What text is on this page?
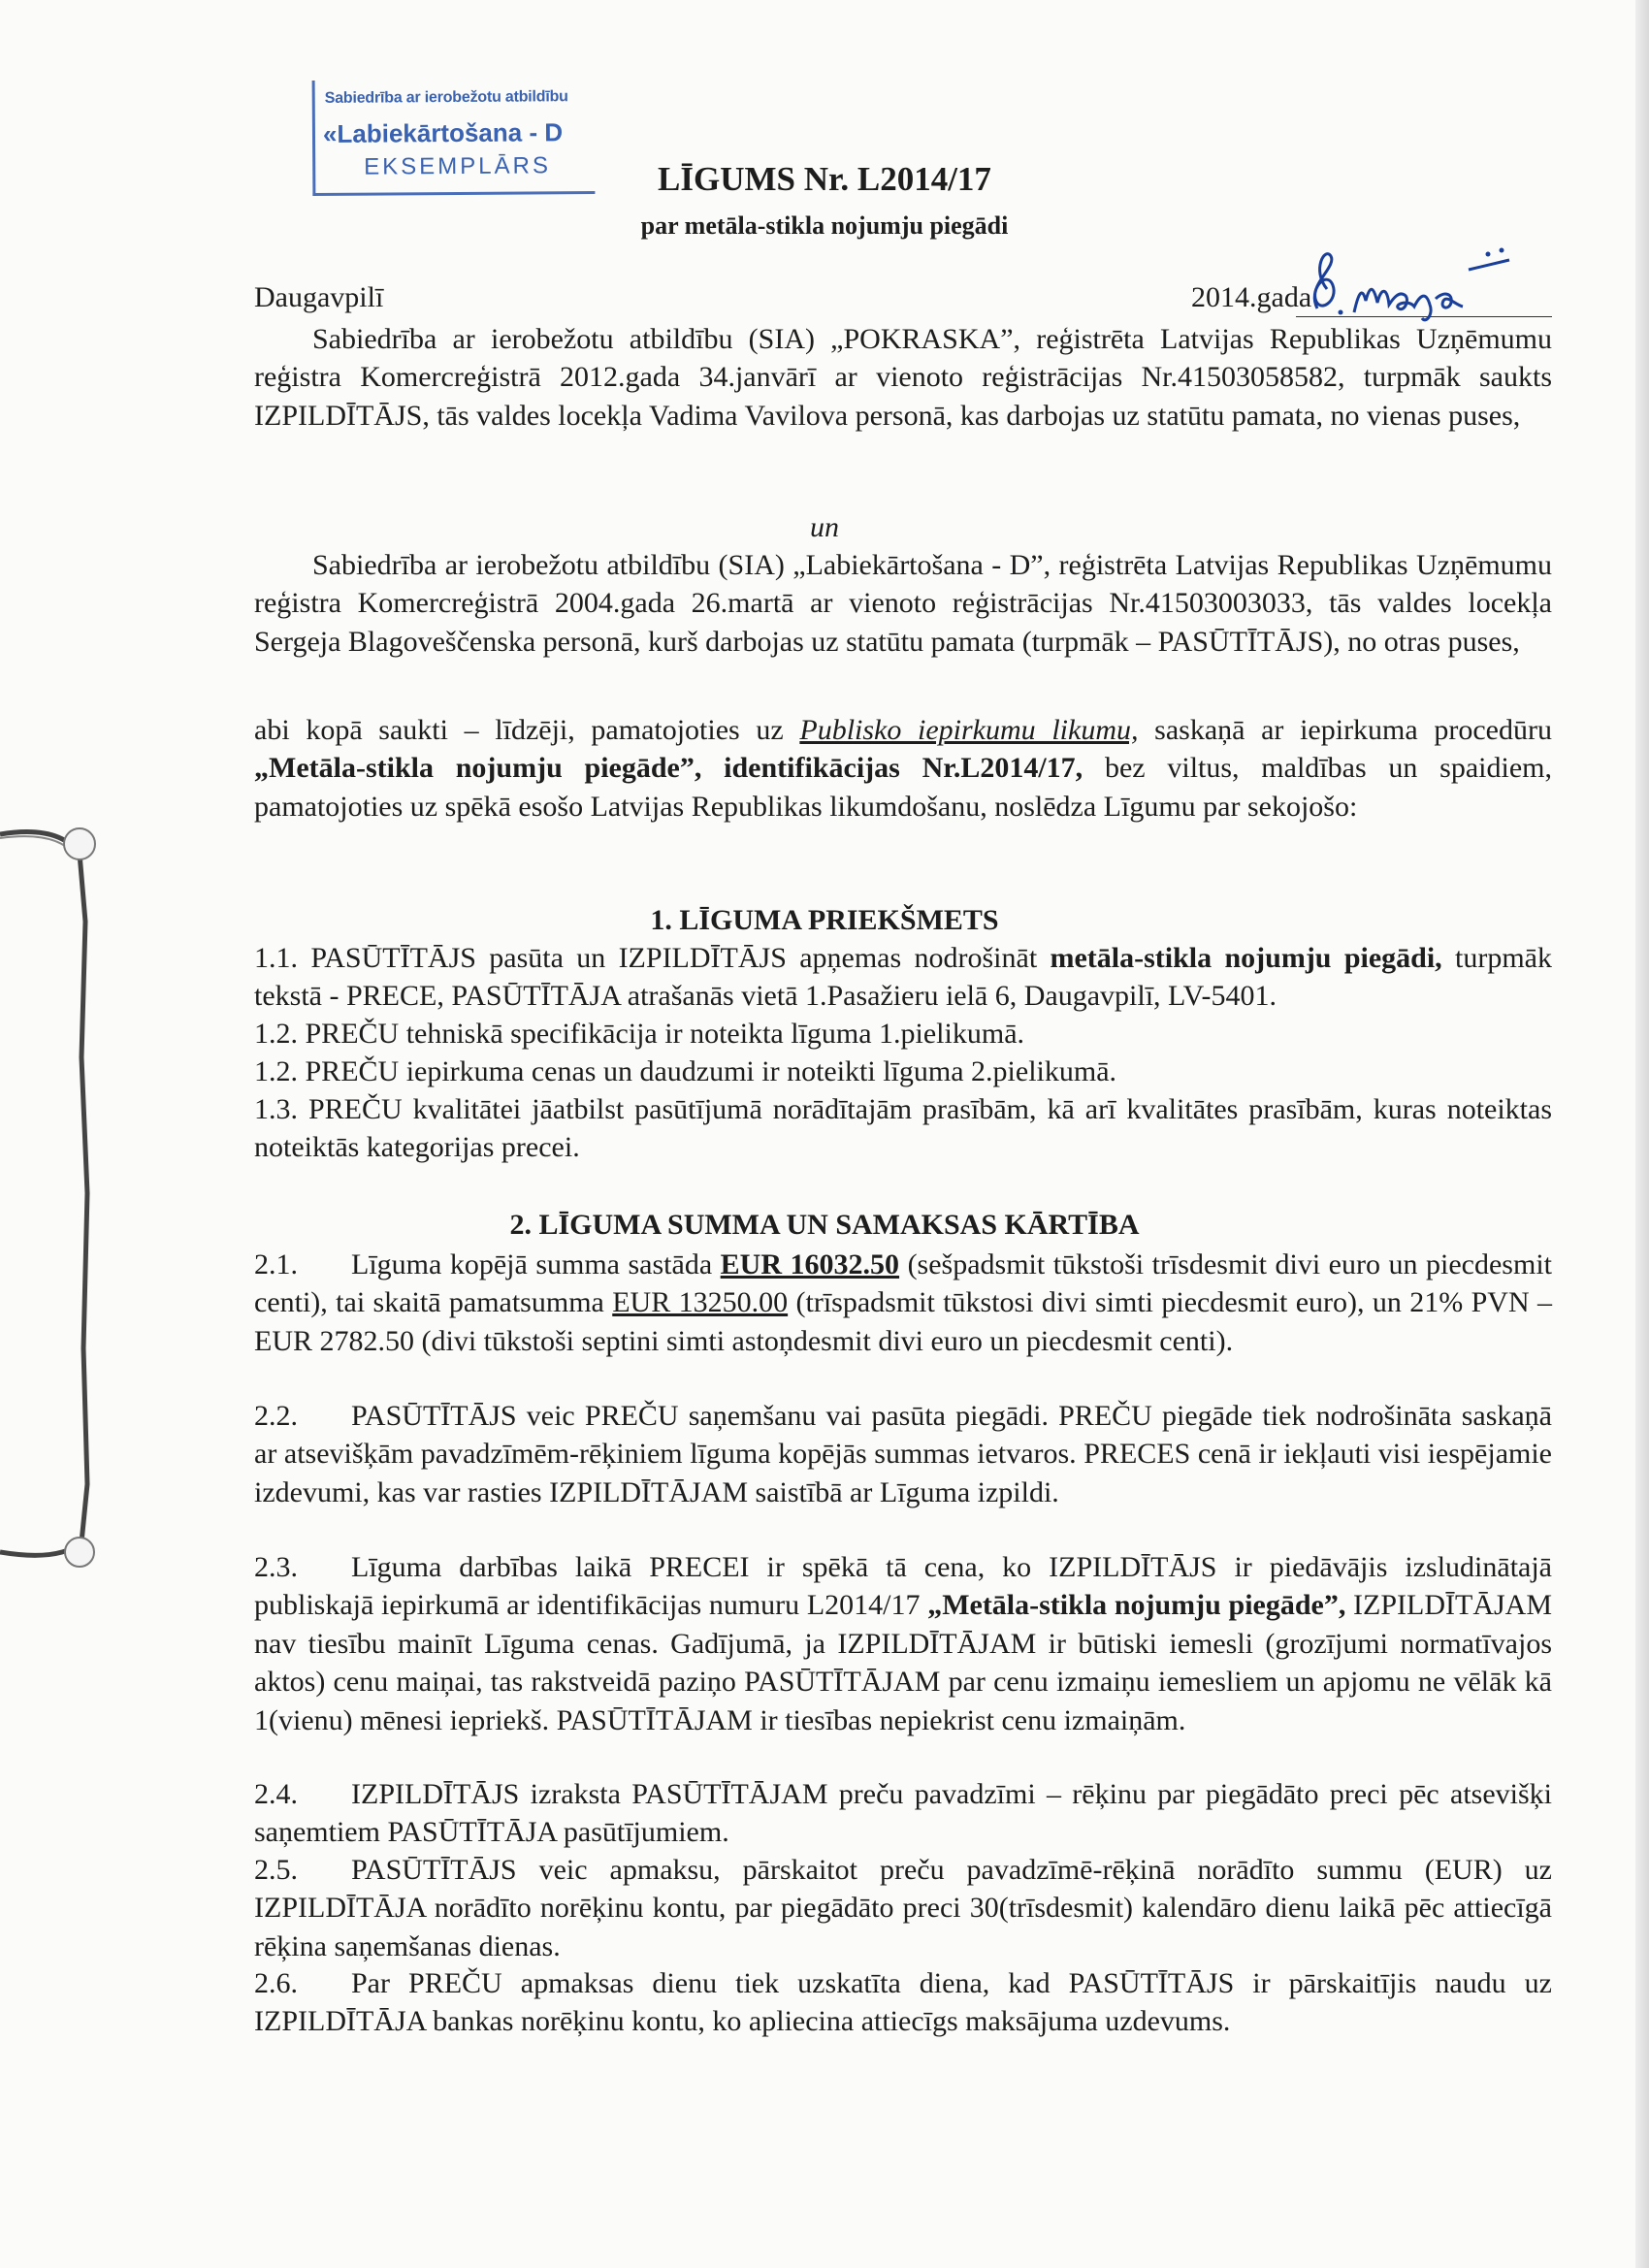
Sabiedrība ar ierobežotu atbildību
«Labiekārtošana - D
EKSEMPLĀRS	LĪGUMS Nr. L2014/17
par metāla-stikla nojumju piegādi
Daugavpilī	2014.gada
Sabiedrība ar ierobežotu atbildību (SIA) „POKRASKA”, reģistrēta Latvijas Republikas Uzņēmumu reģistra Komercreģistrā 2012.gada 34.janvārī ar vienoto reģistrācijas Nr.41503058582, turpmāk saukts IZPILDĪTĀJS, tās valdes locekļa Vadima Vavilova personā, kas darbojas uz statūtu pamata, no vienas puses,
un
Sabiedrība ar ierobežotu atbildību (SIA) „Labiekārtošana - D”, reģistrēta Latvijas Republikas Uzņēmumu reģistra Komercreģistrā 2004.gada 26.martā ar vienoto reģistrācijas Nr.41503003033, tās valdes locekļa Sergeja Blagoveščenska personā, kurš darbojas uz statūtu pamata (turpmāk – PASŪTĪTĀJS), no otras puses,
abi kopā saukti – līdzēji, pamatojoties uz Publisko iepirkumu likumu, saskaņā ar iepirkuma procedūru „Metāla-stikla nojumju piegāde”, identifikācijas Nr.L2014/17, bez viltus, maldības un spaidiem, pamatojoties uz spēkā esošo Latvijas Republikas likumdošanu, noslēdza Līgumu par sekojošo:
1. LĪGUMA PRIEKŠMETS
1.1. PASŪTĪTĀJS pasūta un IZPILDĪTĀJS apņemas nodrošināt metāla-stikla nojumju piegādi, turpmāk tekstā - PRECE, PASŪTĪTĀJA atrašanās vietā 1.Pasažieru ielā 6, Daugavpilī, LV-5401.
1.2. PREČU tehniskā specifikācija ir noteikta līguma 1.pielikumā.
1.2. PREČU iepirkuma cenas un daudzumi ir noteikti līguma 2.pielikumā.
1.3. PREČU kvalitātei jāatbilst pasūtījumā norādītajām prasībām, kā arī kvalitātes prasībām, kuras noteiktas noteiktās kategorijas precei.
2. LĪGUMA SUMMA UN SAMAKSAS KĀRTĪBA
2.1. Līguma kopējā summa sastāda EUR 16032.50 (sešpadsmit tūkstoši trīsdesmit divi euro un piecdesmit centi), tai skaitā pamatsumma EUR 13250.00 (trīspadsmit tūkstosi divi simti piecdesmit euro), un 21% PVN – EUR 2782.50 (divi tūkstoši septini simti astoņdesmit divi euro un piecdesmit centi).
2.2. PASŪTĪTĀJS veic PREČU saņemšanu vai pasūta piegādi. PREČU piegāde tiek nodrošināta saskaņā ar atsevišķām pavadzīmēm-rēķiniem līguma kopējās summas ietvaros. PRECES cenā ir iekļauti visi iespējamie izdevumi, kas var rasties IZPILDĪTĀJAM saistībā ar Līguma izpildi.
2.3. Līguma darbības laikā PRECEI ir spēkā tā cena, ko IZPILDĪTĀJS ir piedāvājis izsludinātajā publiskajā iepirkumā ar identifikācijas numuru L2014/17 „Metāla-stikla nojumju piegāde”, IZPILDĪTĀJAM nav tiesību mainīt Līguma cenas. Gadījumā, ja IZPILDĪTĀJAM ir būtiski iemesli (grozījumi normatīvajos aktos) cenu maiņai, tas rakstveidā paziņo PASŪTĪTĀJAM par cenu izmaiņu iemesliem un apjomu ne vēlāk kā 1(vienu) mēnesi iepriekš. PASŪTĪTĀJAM ir tiesības nepiekrist cenu izmaiņām.
2.4. IZPILDĪTĀJS izraksta PASŪTĪTĀJAM preču pavadzīmi – rēķinu par piegādāto preci pēc atsevišķi saņemtiem PASŪTĪTĀJA pasūtījumiem.
2.5. PASŪTĪTĀJS veic apmaksu, pārskaitot preču pavadzīmē-rēķinā norādīto summu (EUR) uz IZPILDĪTĀJA norādīto norēķinu kontu, par piegādāto preci 30(trīsdesmit) kalendāro dienu laikā pēc attiecīgā rēķina saņemšanas dienas.
2.6. Par PREČU apmaksas dienu tiek uzskatīta diena, kad PASŪTĪTĀJS ir pārskaitījis naudu uz IZPILDĪTĀJA bankas norēķinu kontu, ko apliecina attiecīgs maksājuma uzdevums.
